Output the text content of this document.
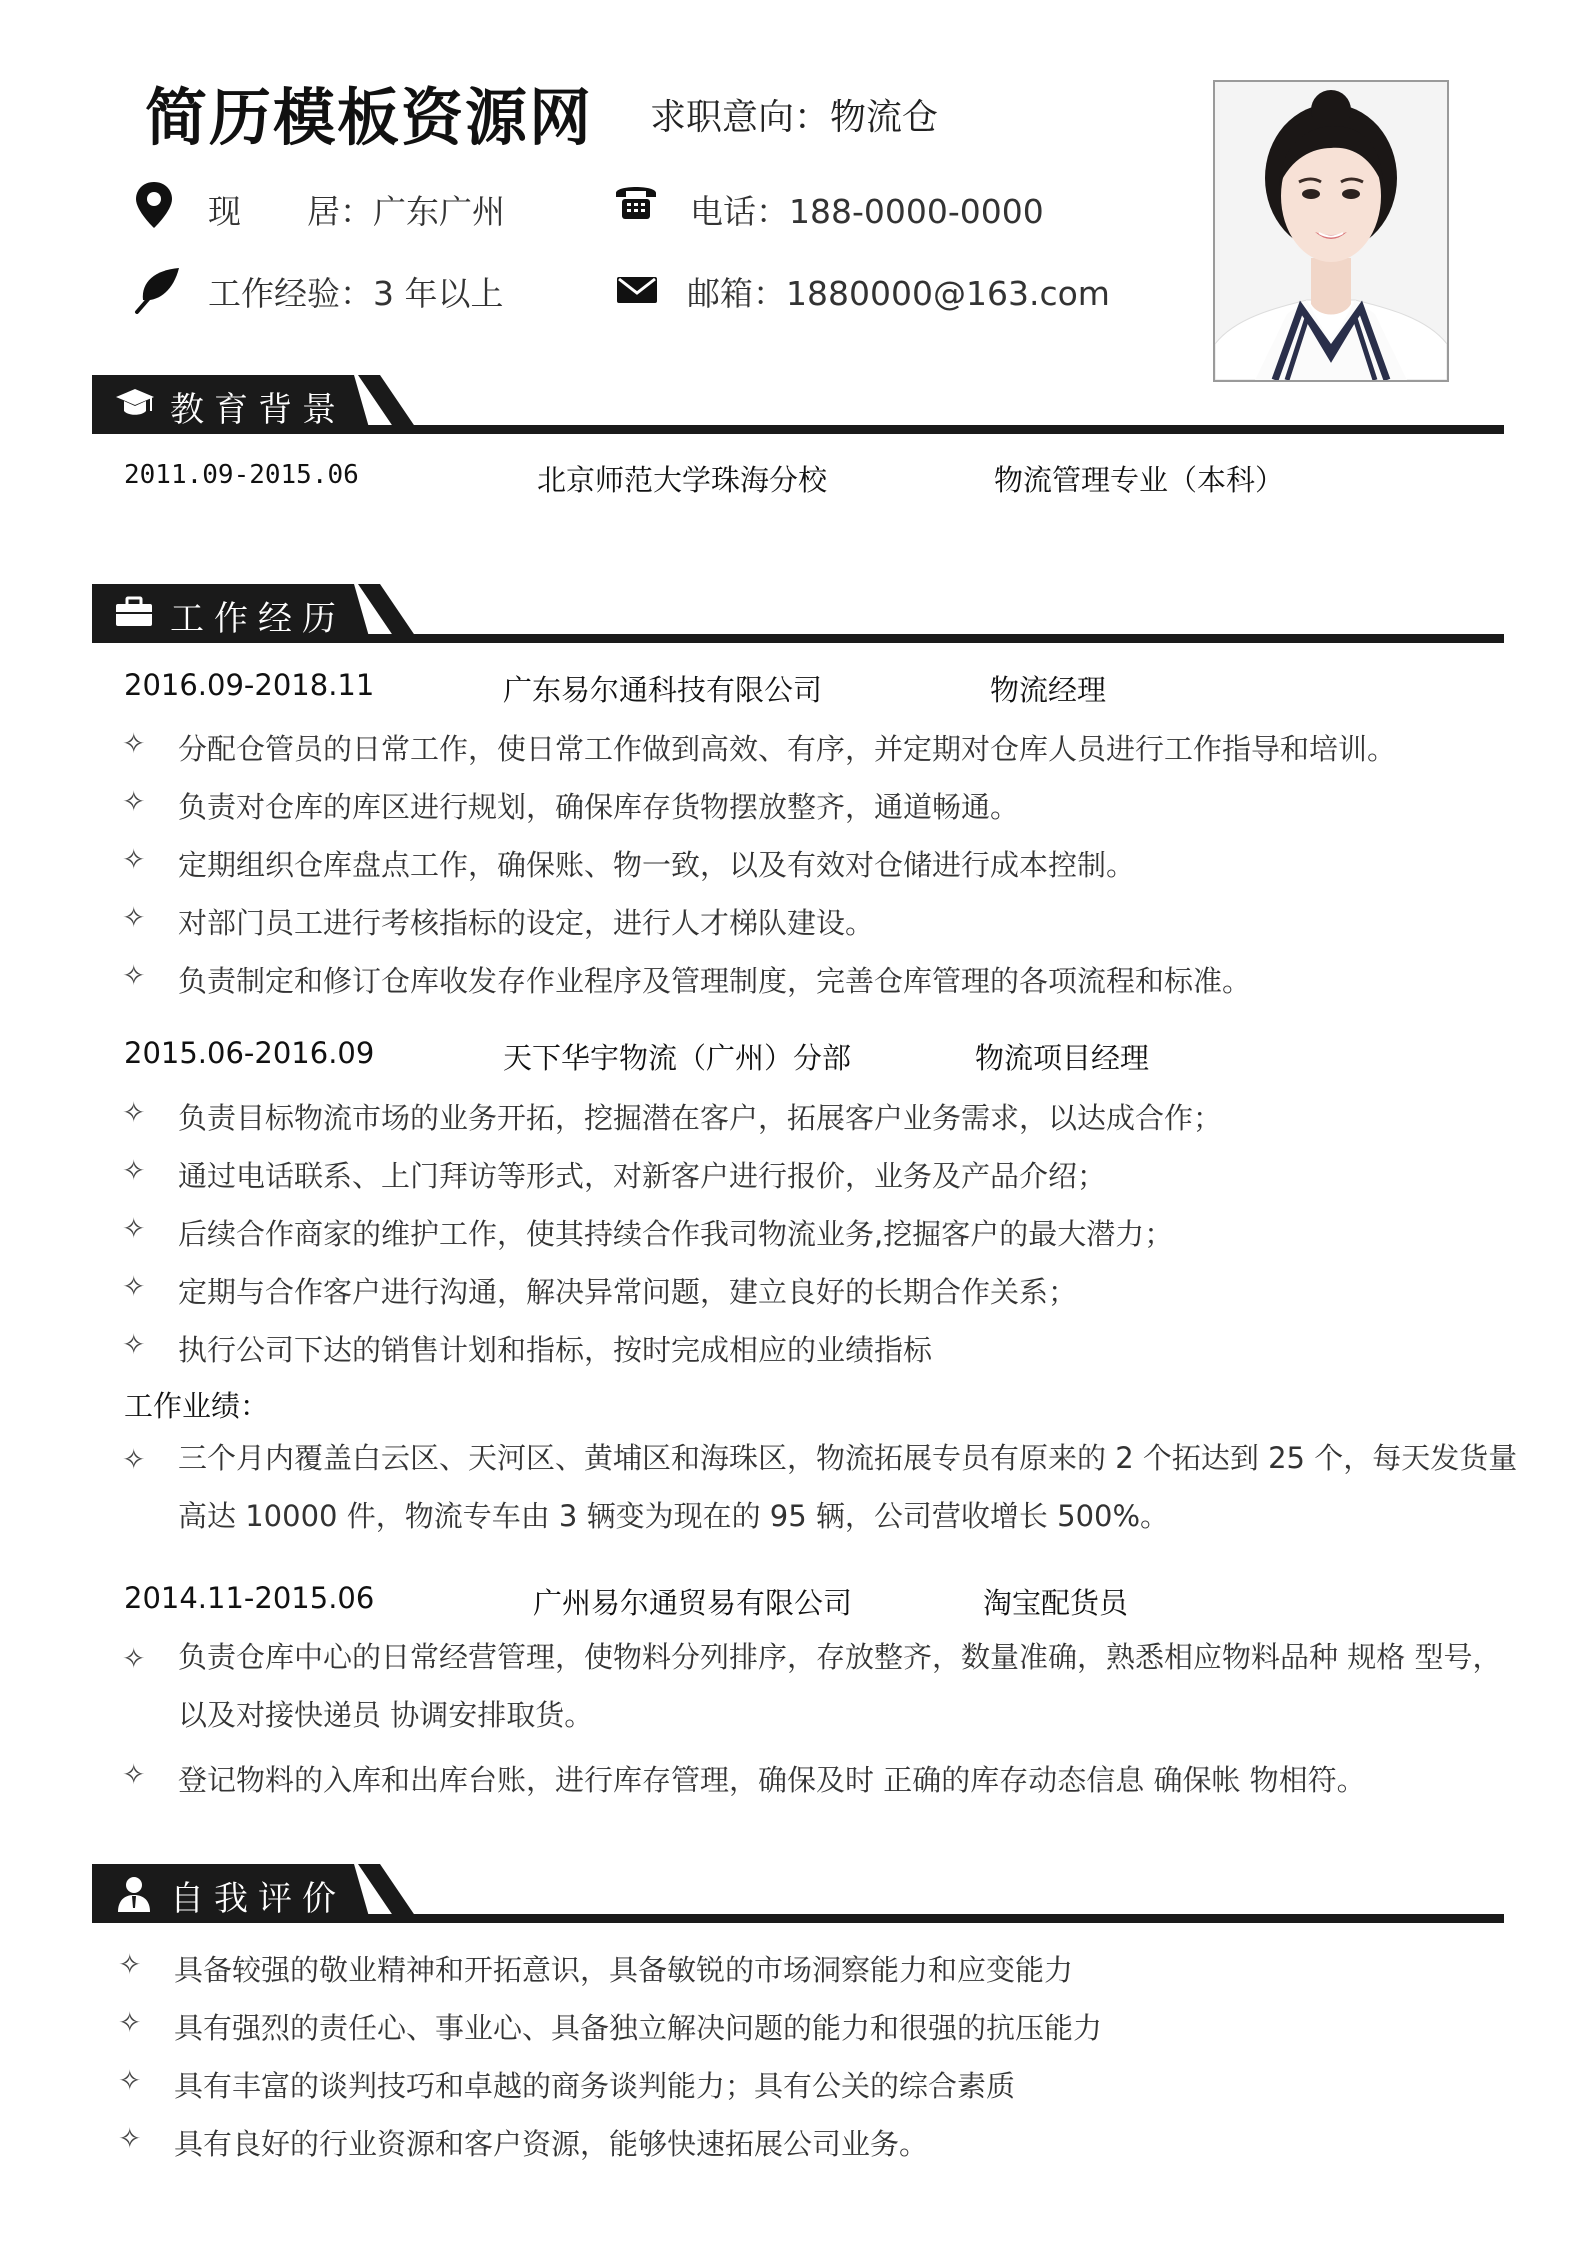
简历模板资源网 求职意向：物流仓
现　　居：广东广州
工作经验：3 年以上
电话：188-0000-0000
邮箱：1880000@163.com
教育背景
2011.09-2015.06	北京师范大学珠海分校	物流管理专业（本科）
工作经历
2016.09-2018.11	广东易尔通科技有限公司	物流经理
✧ 分配仓管员的日常工作，使日常工作做到高效、有序，并定期对仓库人员进行工作指导和培训。
✧ 负责对仓库的库区进行规划，确保库存货物摆放整齐，通道畅通。
✧ 定期组织仓库盘点工作，确保账、物一致，以及有效对仓储进行成本控制。
✧ 对部门员工进行考核指标的设定，进行人才梯队建设。
✧ 负责制定和修订仓库收发存作业程序及管理制度，完善仓库管理的各项流程和标准。
2015.06-2016.09	天下华宇物流（广州）分部	物流项目经理
✧ 负责目标物流市场的业务开拓，挖掘潜在客户，拓展客户业务需求，以达成合作；
✧ 通过电话联系、上门拜访等形式，对新客户进行报价，业务及产品介绍；
✧ 后续合作商家的维护工作，使其持续合作我司物流业务,挖掘客户的最大潜力；
✧ 定期与合作客户进行沟通，解决异常问题，建立良好的长期合作关系；
✧ 执行公司下达的销售计划和指标，按时完成相应的业绩指标
工作业绩：
✧ 三个月内覆盖白云区、天河区、黄埔区和海珠区，物流拓展专员有原来的 2 个拓达到 25 个，每天发货量高达 10000 件，物流专车由 3 辆变为现在的 95 辆，公司营收增长 500%。
2014.11-2015.06	广州易尔通贸易有限公司	淘宝配货员
✧ 负责仓库中心的日常经营管理，使物料分列排序，存放整齐，数量准确，熟悉相应物料品种 规格 型号，以及对接快递员 协调安排取货。
✧ 登记物料的入库和出库台账，进行库存管理，确保及时 正确的库存动态信息 确保帐 物相符。
自我评价
✧ 具备较强的敬业精神和开拓意识，具备敏锐的市场洞察能力和应变能力
✧ 具有强烈的责任心、事业心、具备独立解决问题的能力和很强的抗压能力
✧ 具有丰富的谈判技巧和卓越的商务谈判能力；具有公关的综合素质
✧ 具有良好的行业资源和客户资源，能够快速拓展公司业务。
